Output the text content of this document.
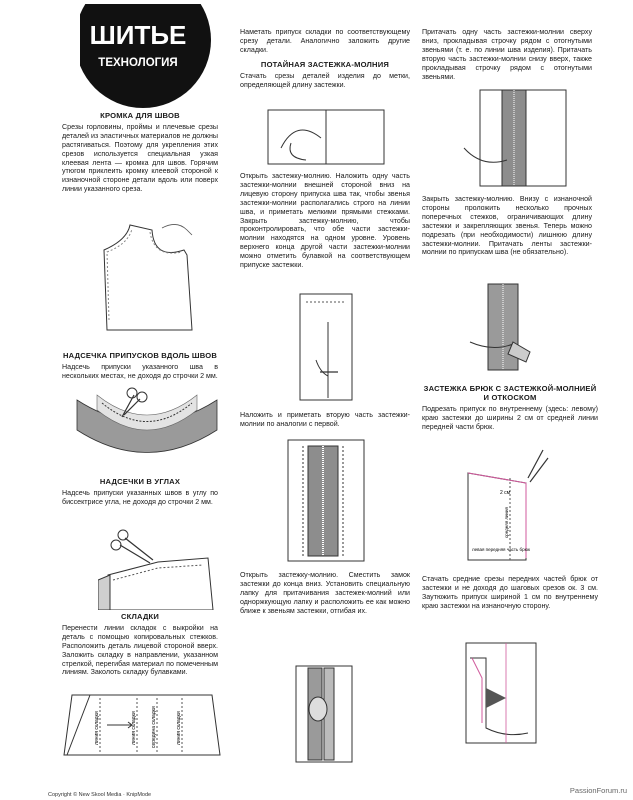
ШИТЬЕ
ТЕХНОЛОГИЯ
КРОМКА ДЛЯ ШВОВ
Срезы горловины, проймы и плечевые срезы деталей из эластичных материалов не должны растягиваться. Поэтому для укрепления этих срезов используется специальная узкая клеевая лента — кромка для швов. Горячим утюгом приклеить кромку клеевой стороной к изнаночной стороне детали вдоль или поверх линии указанного среза.
НАДСЕЧКА ПРИПУСКОВ ВДОЛЬ ШВОВ
Надсечь припуски указанного шва в нескольких местах, не доходя до строчки 2 мм.
НАДСЕЧКИ В УГЛАХ
Надсечь припуски указанных швов в углу по биссектрисе угла, не доходя до строчки 2 мм.
СКЛАДКИ
Перенести линии складок с выкройки на деталь с помощью копировальных стежков. Расположить деталь лицевой стороной вверх. Заложить складку в направлении, указанном стрелкой, перегибая материал по помеченным линиям. Заколоть складку булавками.
линия складки	линия складки	середина складки	линия складки
Наметать припуск складки по соответствующему срезу детали. Аналогично заложить другие складки.
ПОТАЙНАЯ ЗАСТЕЖКА-МОЛНИЯ
Стачать срезы деталей изделия до метки, определяющей длину застежки.
Открыть застежку-молнию. Наложить одну часть застежки-молнии внешней стороной вниз на лицевую сторону припуска шва так, чтобы звенья застежки-молнии располагались строго на линии шва, и приметать мелкими прямыми стежками. Закрыть застежку-молнию, чтобы проконтролировать, что обе части застежки-молнии находятся на одном уровне. Уровень верхнего конца другой части застежки-молнии можно отметить булавкой на соответствующем припуске застежки.
Наложить и приметать вторую часть застежки-молнии по аналогии с первой.
Открыть застежку-молнию. Сместить замок застежки до конца вниз. Установить специальную лапку для притачивания застежек-молний или одноржкующую лапку и расположить ее как можно ближе к звеньям застежки, отгибая их.
Притачать одну часть застежки-молнии сверху вниз, прокладывая строчку рядом с отогнутыми звеньями (т. е. по линии шва изделия). Притачать вторую часть застежки-молнии снизу вверх, также прокладывая строчку рядом с отогнутыми звеньями.
Закрыть застежку-молнию. Внизу с изнаночной стороны проложить несколько прочных поперечных стежков, ограничивающих длину застежки и закрепляющих звенья. Теперь можно подрезать (при необходимости) лишнюю длину застежки-молнии. Притачать ленты застежки-молнии по припускам шва (не обязательно).
ЗАСТЕЖКА БРЮК С ЗАСТЕЖКОЙ-МОЛНИЕЙ И ОТКОСКОМ
Подрезать припуск по внутреннему (здесь: левому) краю застежки до ширины 2 см от средней линии передней части брюк.
2 см
средняя линия
левая передняя часть брюк
Стачать средние срезы передних частей брюк от застежки и не доходя до шаговых срезов ок. 3 см. Заутюжить припуск шириной 1 см по внутреннему краю застежки на изнаночную сторону.
Copyright © New Skool Media · KnipMode	PassionForum.ru
